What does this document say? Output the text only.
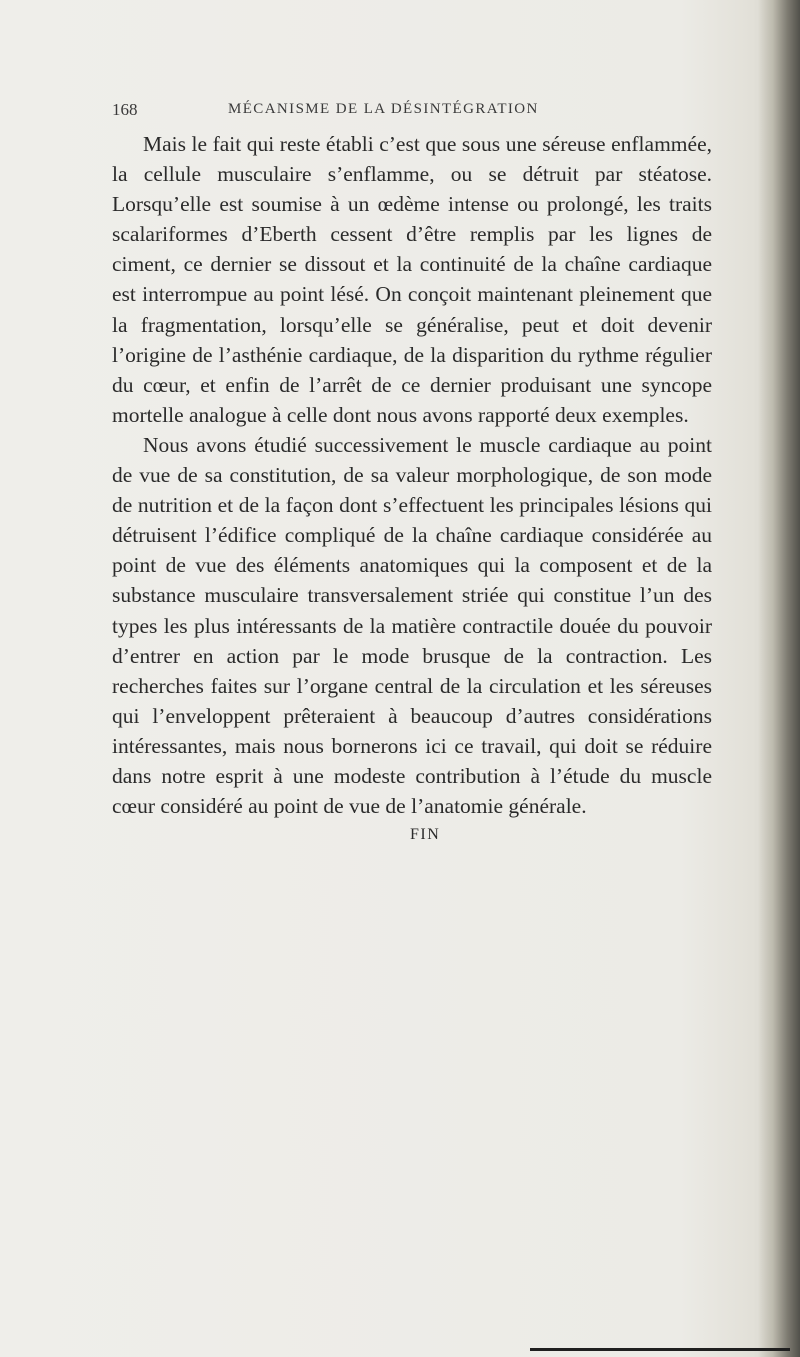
168	MÉCANISME DE LA DÉSINTÉGRATION

Mais le fait qui reste établi c’est que sous une séreuse enflammée, la cellule musculaire s’enflamme, ou se détruit par stéatose. Lorsqu’elle est soumise à un œdème intense ou prolongé, les traits scalariformes d’Eberth cessent d’être remplis par les lignes de ciment, ce dernier se dissout et la continuité de la chaîne cardiaque est interrompue au point lésé. On conçoit maintenant pleinement que la fragmentation, lorsqu’elle se généralise, peut et doit devenir l’origine de l’asthénie cardiaque, de la disparition du rythme régulier du cœur, et enfin de l’arrêt de ce dernier produisant une syncope mortelle analogue à celle dont nous avons rapporté deux exemples.

Nous avons étudié successivement le muscle cardiaque au point de vue de sa constitution, de sa valeur morphologique, de son mode de nutrition et de la façon dont s’effectuent les principales lésions qui détruisent l’édifice compliqué de la chaîne cardiaque considérée au point de vue des éléments anatomiques qui la composent et de la substance musculaire transversalement striée qui constitue l’un des types les plus intéressants de la matière contractile douée du pouvoir d’entrer en action par le mode brusque de la contraction. Les recherches faites sur l’organe central de la circulation et les séreuses qui l’enveloppent prêteraient à beaucoup d’autres considérations intéressantes, mais nous bornerons ici ce travail, qui doit se réduire dans notre esprit à une modeste contribution à l’étude du muscle cœur considéré au point de vue de l’anatomie générale.

FIN
